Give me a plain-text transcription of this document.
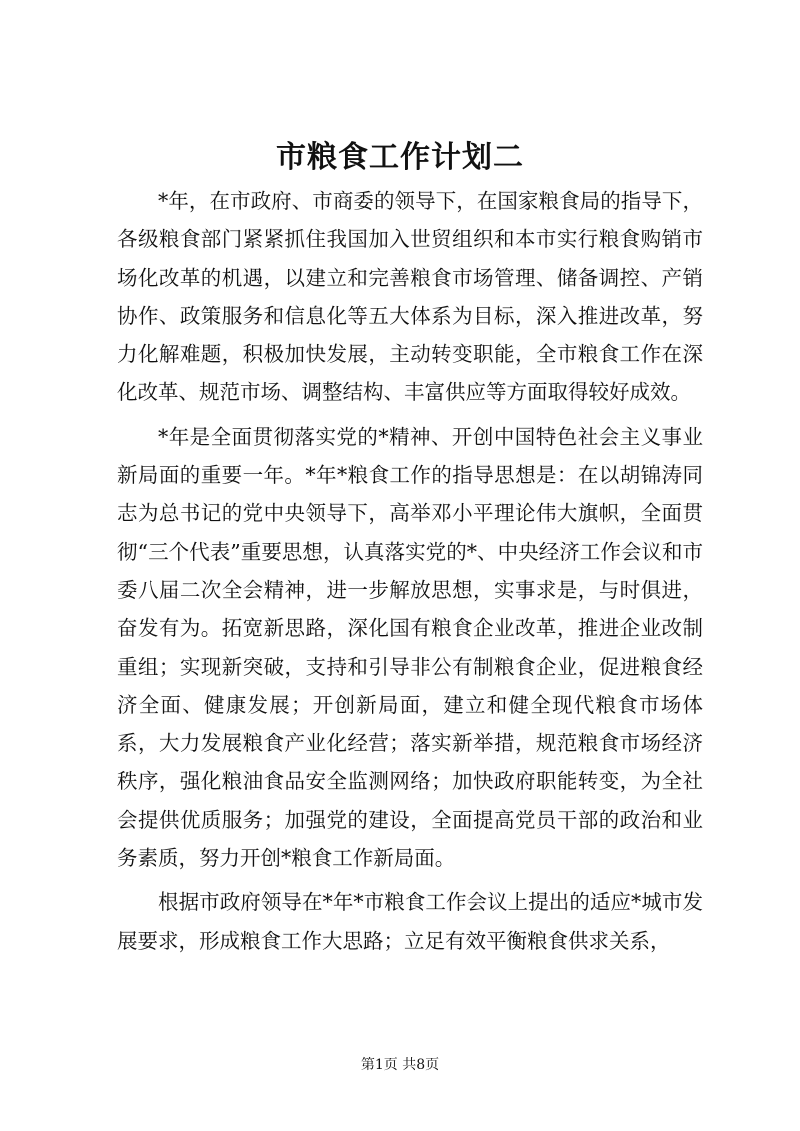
市粮食工作计划二

*年，在市政府、市商委的领导下，在国家粮食局的指导下，各级粮食部门紧紧抓住我国加入世贸组织和本市实行粮食购销市场化改革的机遇，以建立和完善粮食市场管理、储备调控、产销协作、政策服务和信息化等五大体系为目标，深入推进改革，努力化解难题，积极加快发展，主动转变职能，全市粮食工作在深化改革、规范市场、调整结构、丰富供应等方面取得较好成效。

*年是全面贯彻落实党的*精神、开创中国特色社会主义事业新局面的重要一年。*年*粮食工作的指导思想是：在以胡锦涛同志为总书记的党中央领导下，高举邓小平理论伟大旗帜，全面贯彻“三个代表”重要思想，认真落实党的*、中央经济工作会议和市委八届二次全会精神，进一步解放思想，实事求是，与时俱进，奋发有为。拓宽新思路，深化国有粮食企业改革，推进企业改制重组；实现新突破，支持和引导非公有制粮食企业，促进粮食经济全面、健康发展；开创新局面，建立和健全现代粮食市场体系，大力发展粮食产业化经营；落实新举措，规范粮食市场经济秩序，强化粮油食品安全监测网络；加快政府职能转变，为全社会提供优质服务；加强党的建设，全面提高党员干部的政治和业务素质，努力开创*粮食工作新局面。

根据市政府领导在*年*市粮食工作会议上提出的适应*城市发展要求，形成粮食工作大思路；立足有效平衡粮食供求关系，

第1页 共8页
